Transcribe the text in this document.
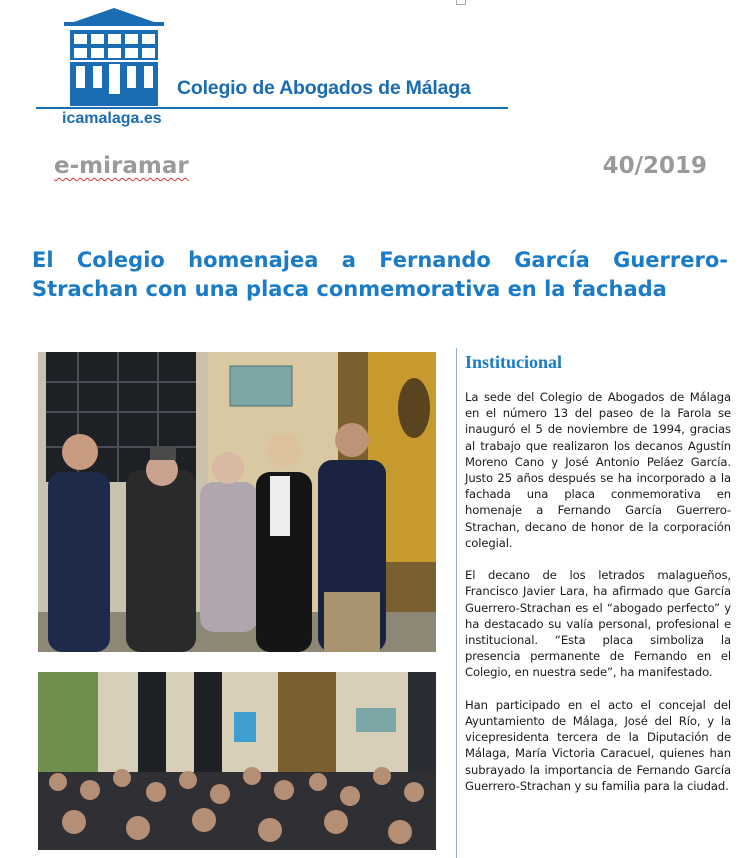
Colegio de Abogados de Málaga
icamalaga.es
e-miramar	40/2019
El Colegio homenajea a Fernando García Guerrero-Strachan con una placa conmemorativa en la fachada
Institucional

La sede del Colegio de Abogados de Málaga en el número 13 del paseo de la Farola se inauguró el 5 de noviembre de 1994, gracias al trabajo que realizaron los decanos Agustín Moreno Cano y José Antonio Peláez García. Justo 25 años después se ha incorporado a la fachada una placa conmemorativa en homenaje a Fernando García Guerrero-Strachan, decano de honor de la corporación colegial.

El decano de los letrados malagueños, Francisco Javier Lara, ha afirmado que García Guerrero-Strachan es el “abogado perfecto” y ha destacado su valía personal, profesional e institucional. “Esta placa simboliza la presencia permanente de Fernando en el Colegio, en nuestra sede”, ha manifestado.

Han participado en el acto el concejal del Ayuntamiento de Málaga, José del Río, y la vicepresidenta tercera de la Diputación de Málaga, María Victoria Caracuel, quienes han subrayado la importancia de Fernando García Guerrero-Strachan y su familia para la ciudad.
